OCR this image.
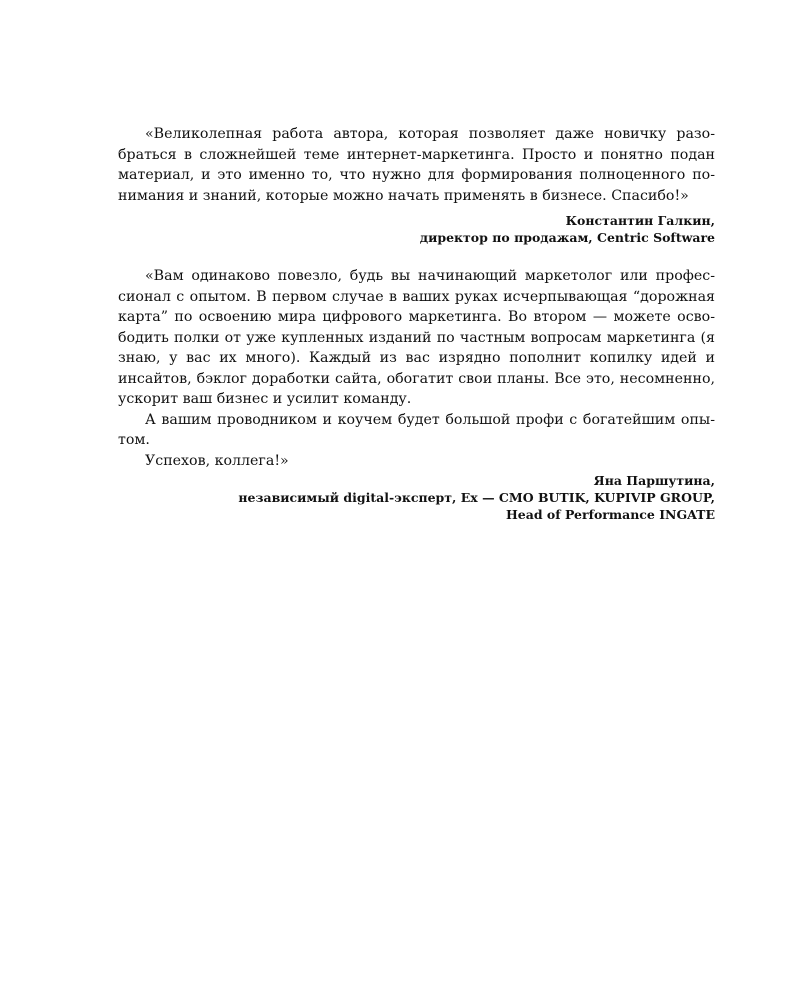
«Великолепная работа автора, которая позволяет даже новичку разобраться в сложнейшей теме интернет-маркетинга. Просто и понятно подан материал, и это именно то, что нужно для формирования полноценного понимания и знаний, которые можно начать применять в бизнесе. Спасибо!»

Константин Галкин,
директор по продажам, Centric Software

«Вам одинаково повезло, будь вы начинающий маркетолог или профессионал с опытом. В первом случае в ваших руках исчерпывающая “дорожная карта” по освоению мира цифрового маркетинга. Во втором — можете освободить полки от уже купленных изданий по частным вопросам маркетинга (я знаю, у вас их много). Каждый из вас изрядно пополнит копилку идей и инсайтов, бэклог доработки сайта, обогатит свои планы. Все это, несомненно, ускорит ваш бизнес и усилит команду.

А вашим проводником и коучем будет большой профи с богатейшим опытом.

Успехов, коллега!»

Яна Паршутина,
независимый digital-эксперт, Ex — CMO BUTIK, KUPIVIP GROUP,
Head of Performance INGATE
